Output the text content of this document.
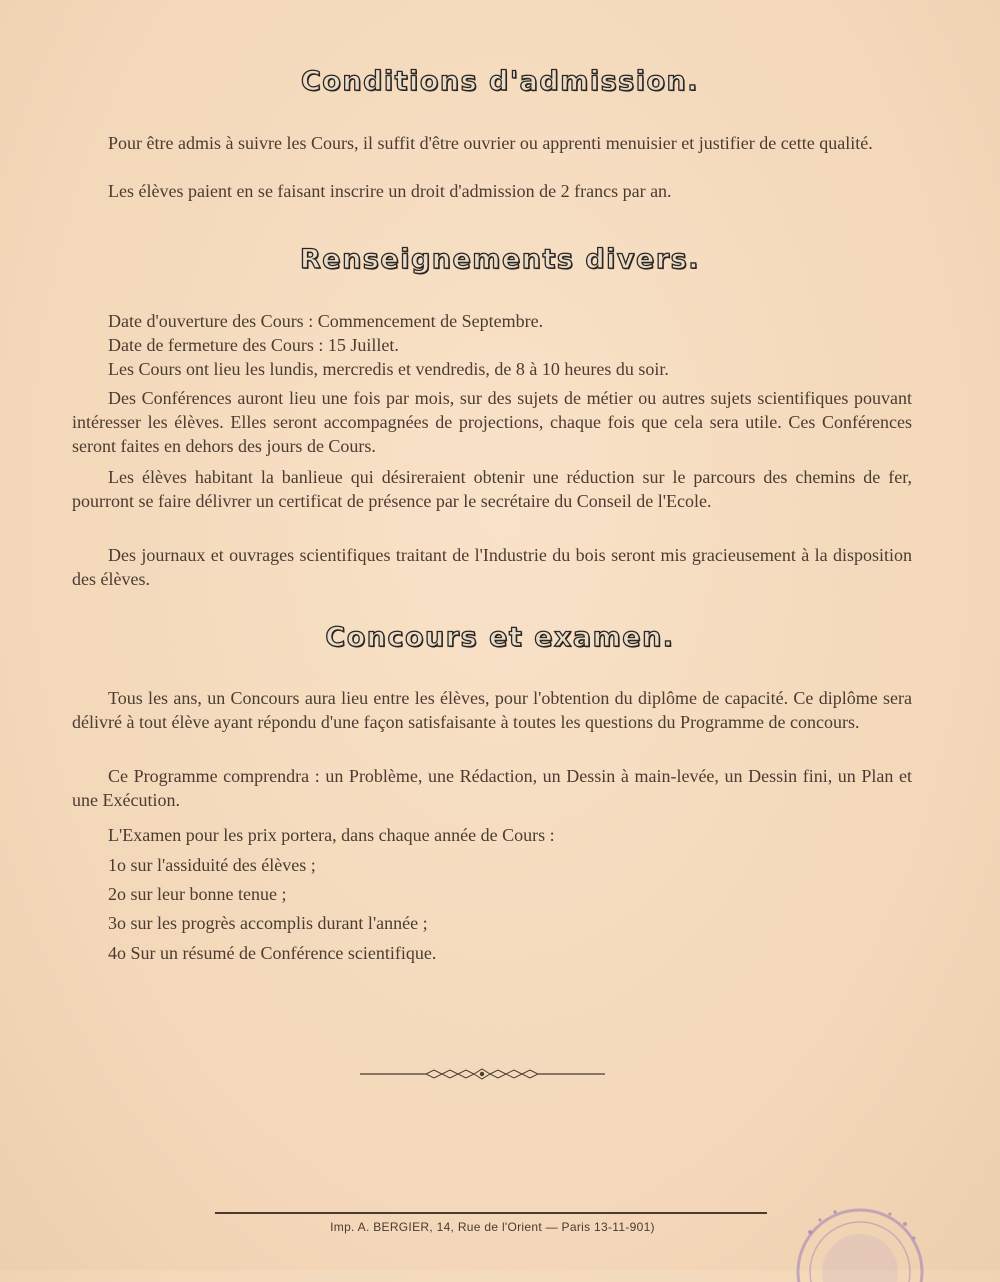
Conditions d'admission.

Pour être admis à suivre les Cours, il suffit d'être ouvrier ou apprenti menuisier et justifier de cette qualité.

Les élèves paient en se faisant inscrire un droit d'admission de 2 francs par an.

Renseignements divers.

Date d'ouverture des Cours : Commencement de Septembre.

Date de fermeture des Cours : 15 Juillet.

Les Cours ont lieu les lundis, mercredis et vendredis, de 8 à 10 heures du soir.

Des Conférences auront lieu une fois par mois, sur des sujets de métier ou autres sujets scientifiques pouvant intéresser les élèves. Elles seront accompagnées de projections, chaque fois que cela sera utile. Ces Conférences seront faites en dehors des jours de Cours.

Les élèves habitant la banlieue qui désireraient obtenir une réduction sur le parcours des chemins de fer, pourront se faire délivrer un certificat de présence par le secrétaire du Conseil de l'Ecole.

Des journaux et ouvrages scientifiques traitant de l'Industrie du bois seront mis gracieusement à la disposition des élèves.

Concours et examen.

Tous les ans, un Concours aura lieu entre les élèves, pour l'obtention du diplôme de capacité. Ce diplôme sera délivré à tout élève ayant répondu d'une façon satisfaisante à toutes les questions du Programme de concours.

Ce Programme comprendra : un Problème, une Rédaction, un Dessin à main-levée, un Dessin fini, un Plan et une Exécution.

L'Examen pour les prix portera, dans chaque année de Cours :

1o sur l'assiduité des élèves ;

2o sur leur bonne tenue ;

3o sur les progrès accomplis durant l'année ;

4o Sur un résumé de Conférence scientifique.

Imp. A. BERGIER, 14, Rue de l'Orient — Paris 13-11-901)
